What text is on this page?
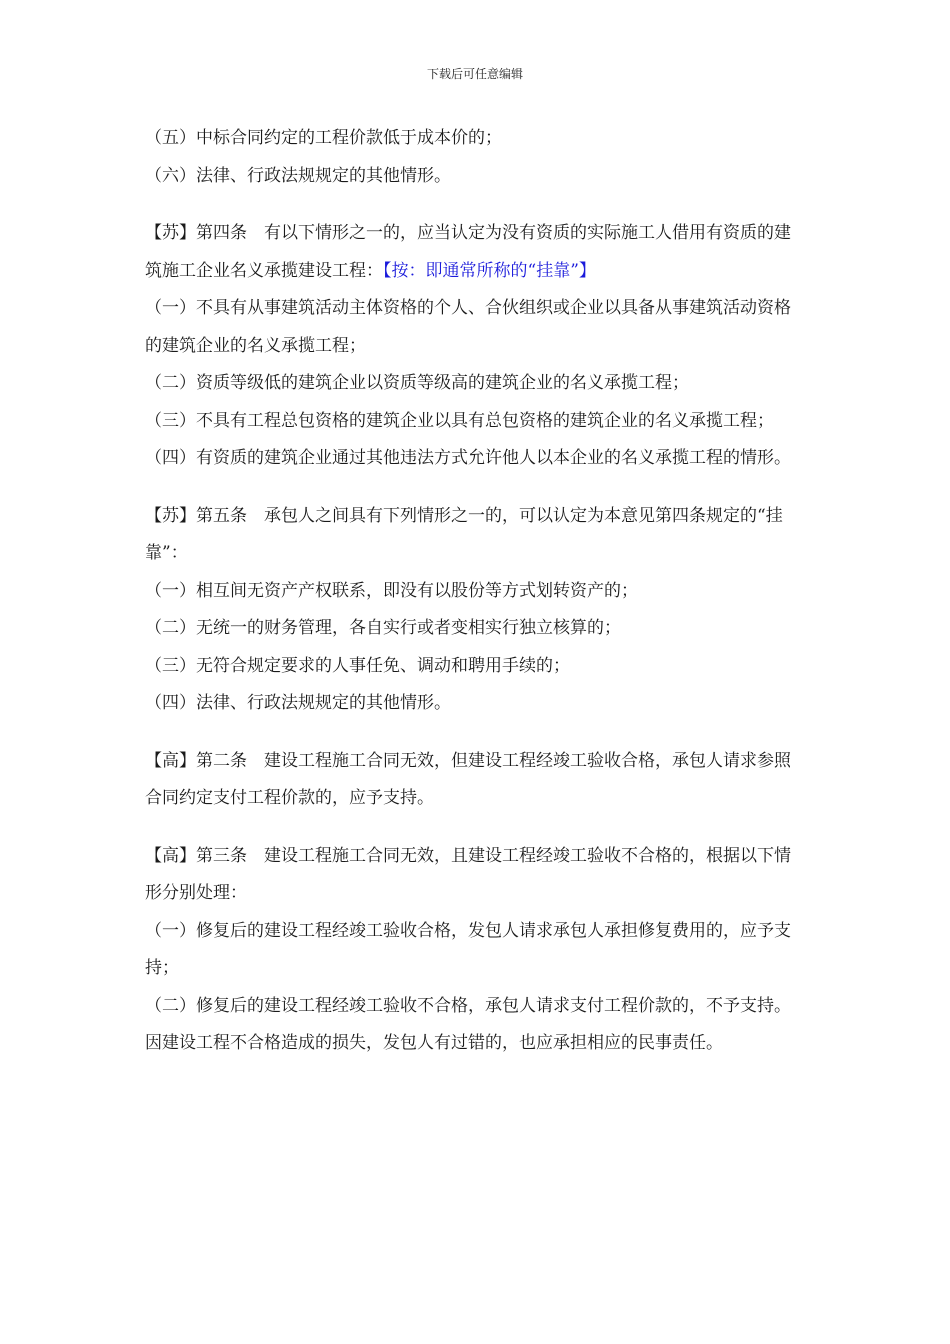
下载后可任意编辑

（五）中标合同约定的工程价款低于成本价的；

（六）法律、行政法规规定的其他情形。

【苏】第四条　有以下情形之一的，应当认定为没有资质的实际施工人借用有资质的建筑施工企业名义承揽建设工程：【按：即通常所称的“挂靠”】

（一）不具有从事建筑活动主体资格的个人、合伙组织或企业以具备从事建筑活动资格的建筑企业的名义承揽工程；

（二）资质等级低的建筑企业以资质等级高的建筑企业的名义承揽工程；

（三）不具有工程总包资格的建筑企业以具有总包资格的建筑企业的名义承揽工程；

（四）有资质的建筑企业通过其他违法方式允许他人以本企业的名义承揽工程的情形。

【苏】第五条　承包人之间具有下列情形之一的，可以认定为本意见第四条规定的“挂靠”：

（一）相互间无资产产权联系，即没有以股份等方式划转资产的；

（二）无统一的财务管理，各自实行或者变相实行独立核算的；

（三）无符合规定要求的人事任免、调动和聘用手续的；

（四）法律、行政法规规定的其他情形。

【高】第二条　建设工程施工合同无效，但建设工程经竣工验收合格，承包人请求参照合同约定支付工程价款的，应予支持。

【高】第三条　建设工程施工合同无效，且建设工程经竣工验收不合格的，根据以下情形分别处理：

（一）修复后的建设工程经竣工验收合格，发包人请求承包人承担修复费用的，应予支持；

（二）修复后的建设工程经竣工验收不合格，承包人请求支付工程价款的，不予支持。

因建设工程不合格造成的损失，发包人有过错的，也应承担相应的民事责任。
